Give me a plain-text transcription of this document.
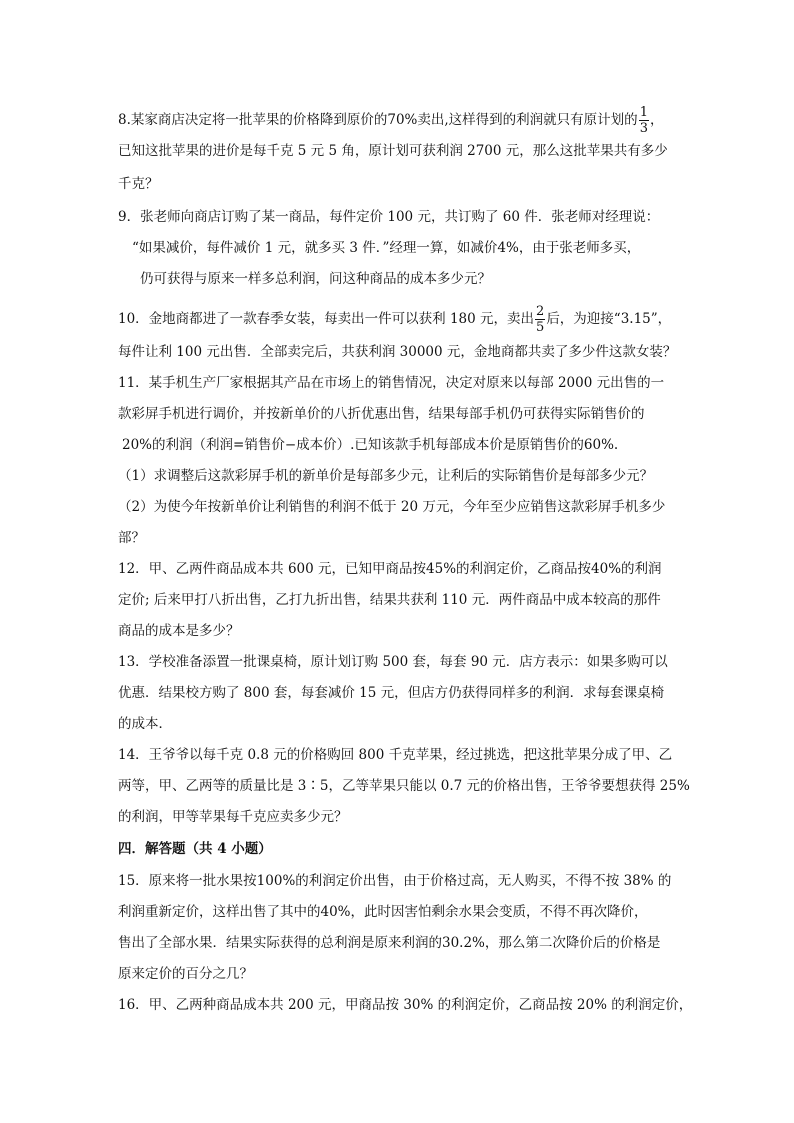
8.某家商店决定将一批苹果的价格降到原价的70%卖出,这样得到的利润就只有原计划的 $\frac{1}{3}$ ，
已知这批苹果的进价是每千克 5 元 5 角，原计划可获利润 2700 元，那么这批苹果共有多少
千克？
9．张老师向商店订购了某一商品，每件定价 100 元，共订购了 60 件．张老师对经理说：
“如果减价，每件减价 1 元，就多买 3 件．”经理一算，如减价4%，由于张老师多买，
仍可获得与原来一样多总利润，问这种商品的成本多少元？
10．金地商都进了一款春季女装，每卖出一件可以获利 180 元，卖出 $\frac{2}{5}$ 后，为迎接“3.15”，
每件让利 100 元出售．全部卖完后，共获利润 30000 元，金地商都共卖了多少件这款女装？
11．某手机生产厂家根据其产品在市场上的销售情况，决定对原来以每部 2000 元出售的一
款彩屏手机进行调价，并按新单价的八折优惠出售，结果每部手机仍可获得实际销售价的
20%的利润（利润=销售价−成本价）.已知该款手机每部成本价是原销售价的60%.
（1）求调整后这款彩屏手机的新单价是每部多少元，让利后的实际销售价是每部多少元？
（2）为使今年按新单价让利销售的利润不低于 20 万元，今年至少应销售这款彩屏手机多少
部？
12．甲、乙两件商品成本共 600 元，已知甲商品按45%的利润定价，乙商品按40%的利润
定价; 后来甲打八折出售，乙打九折出售，结果共获利 110 元．两件商品中成本较高的那件
商品的成本是多少？
13．学校准备添置一批课桌椅，原计划订购 500 套，每套 90 元．店方表示：如果多购可以
优惠．结果校方购了 800 套，每套减价 15 元，但店方仍获得同样多的利润．求每套课桌椅
的成本．
14．王爷爷以每千克 0.8 元的价格购回 800 千克苹果，经过挑选，把这批苹果分成了甲、乙
两等，甲、乙两等的质量比是 3∶5，乙等苹果只能以 0.7 元的价格出售，王爷爷要想获得 25%
的利润，甲等苹果每千克应卖多少元？
四．解答题（共 4 小题）
15．原来将一批水果按100%的利润定价出售，由于价格过高，无人购买，不得不按 38% 的
利润重新定价，这样出售了其中的40%，此时因害怕剩余水果会变质，不得不再次降价，
售出了全部水果．结果实际获得的总利润是原来利润的30.2%，那么第二次降价后的价格是
原来定价的百分之几？
16．甲、乙两种商品成本共 200 元，甲商品按 30% 的利润定价，乙商品按 20% 的利润定价，
